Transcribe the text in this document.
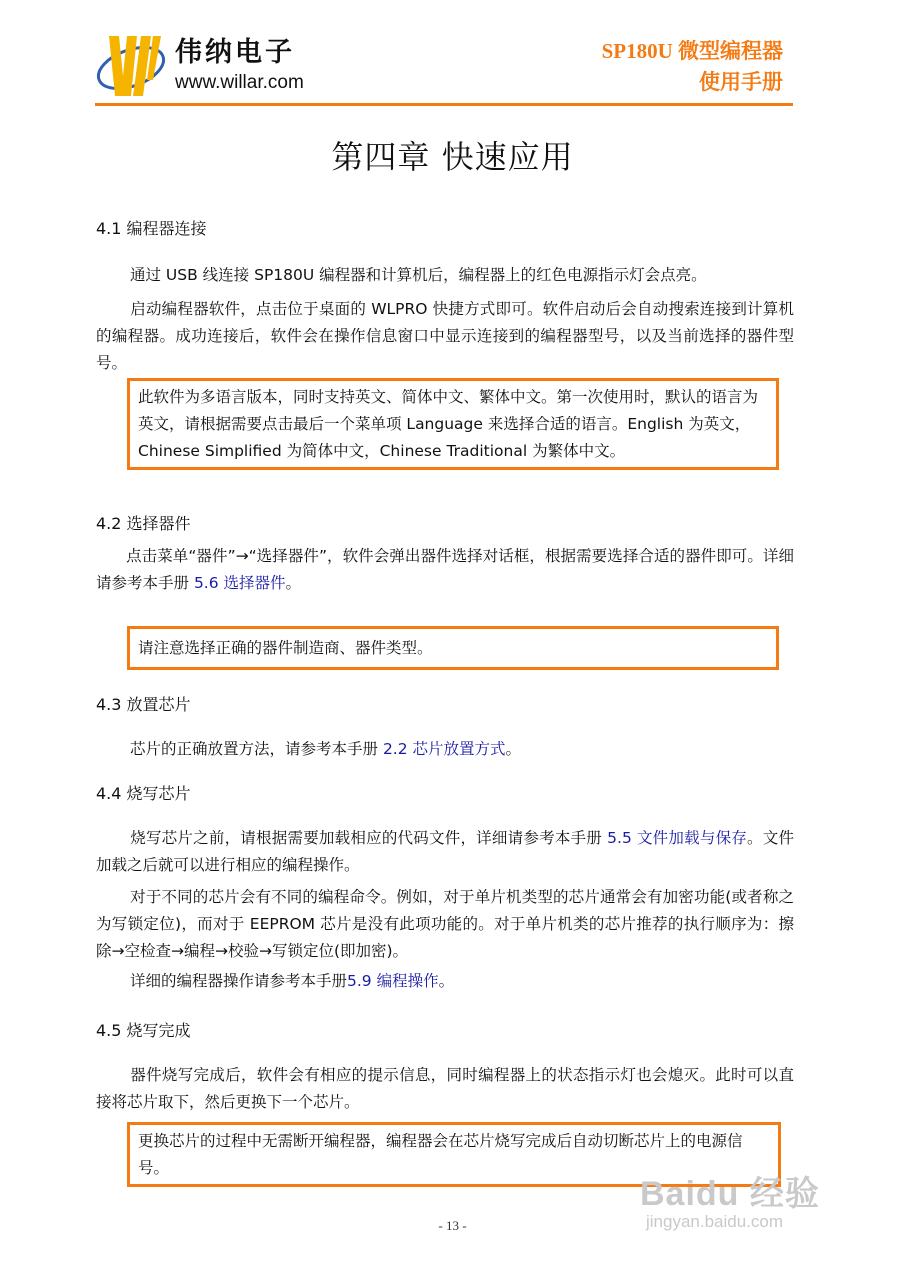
伟纳电子
www.willar.com
SP180U 微型编程器
使用手册
第四章 快速应用
4.1 编程器连接
通过 USB 线连接 SP180U 编程器和计算机后，编程器上的红色电源指示灯会点亮。
启动编程器软件，点击位于桌面的 WLPRO 快捷方式即可。软件启动后会自动搜索连接到计算机的编程器。成功连接后，软件会在操作信息窗口中显示连接到的编程器型号，以及当前选择的器件型号。
此软件为多语言版本，同时支持英文、简体中文、繁体中文。第一次使用时，默认的语言为英文，请根据需要点击最后一个菜单项 Language 来选择合适的语言。English 为英文，Chinese Simplified 为简体中文，Chinese Traditional 为繁体中文。
4.2 选择器件
点击菜单“器件”→“选择器件”，软件会弹出器件选择对话框，根据需要选择合适的器件即可。详细请参考本手册 5.6 选择器件。
请注意选择正确的器件制造商、器件类型。
4.3 放置芯片
芯片的正确放置方法，请参考本手册 2.2 芯片放置方式。
4.4 烧写芯片
烧写芯片之前，请根据需要加载相应的代码文件，详细请参考本手册 5.5 文件加载与保存。文件加载之后就可以进行相应的编程操作。
对于不同的芯片会有不同的编程命令。例如，对于单片机类型的芯片通常会有加密功能(或者称之为写锁定位)，而对于 EEPROM 芯片是没有此项功能的。对于单片机类的芯片推荐的执行顺序为：擦除→空检查→编程→校验→写锁定位(即加密)。
详细的编程器操作请参考本手册5.9 编程操作。
4.5 烧写完成
器件烧写完成后，软件会有相应的提示信息，同时编程器上的状态指示灯也会熄灭。此时可以直接将芯片取下，然后更换下一个芯片。
更换芯片的过程中无需断开编程器，编程器会在芯片烧写完成后自动切断芯片上的电源信号。
- 13 -
Baidu 经验
jingyan.baidu.com
